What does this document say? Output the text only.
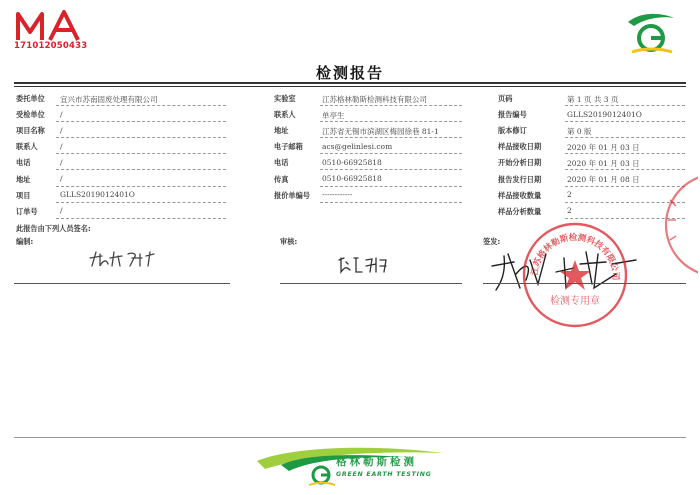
171012050433
检测报告
委托单位 宜兴市苏南固废处理有限公司	实验室	江苏格林勒斯检测科技有限公司	页码	第 1 页 共 3 页
受检单位 /	联系人	单亭生	报告编号	GLLS2019012401O
项目名称 /	地址	江苏省无锡市滨湖区梅园徐巷 81-1	版本修订	第 0 版
联系人	/	电子邮箱	acs@gelinlesi.com	样品接收日期	2020 年 01 月 03 日
电话	/	电话	0510-66925818	开始分析日期	2020 年 01 月 03 日
地址	/	传真	0510-66925818	报告发行日期	2020 年 01 月 08 日
项目	GLLS2019012401O	报价单编号 ------------	样品接收数量	2
订单号	/	样品分析数量	2
此报告由下列人员签名:
编制:	审核:	签发:
江苏格林勒斯检测科技有限公司
检测专用章
格林勒斯检测
GREEN EARTH TESTING
